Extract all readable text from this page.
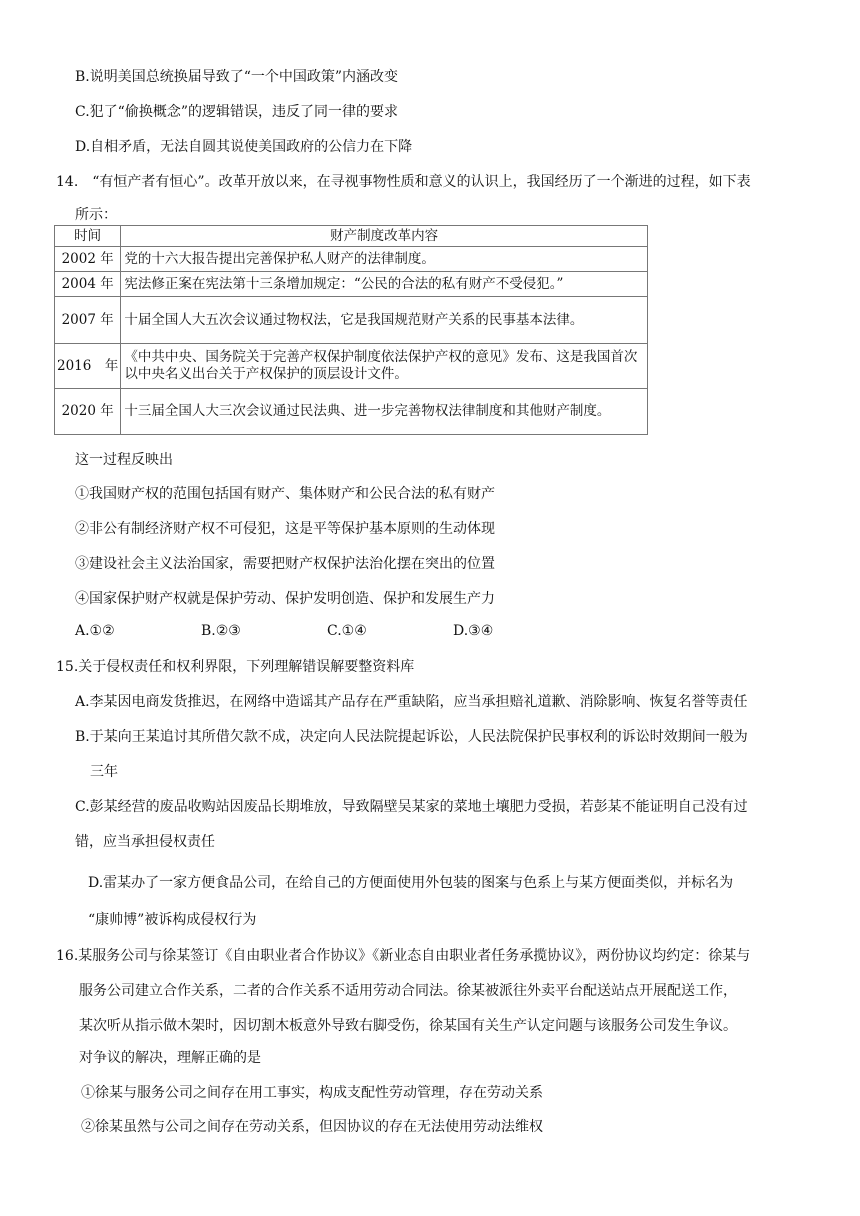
B.说明美国总统换届导致了“一个中国政策”内涵改变
C.犯了“偷换概念”的逻辑错误，违反了同一律的要求
D.自相矛盾，无法自圆其说使美国政府的公信力在下降
14.　“有恒产者有恒心”。改革开放以来，在寻视事物性质和意义的认识上，我国经历了一个渐进的过程，如下表
所示：
时间	财产制度改革内容
2002 年	党的十六大报告提出完善保护私人财产的法律制度。
2004 年	宪法修正案在宪法第十三条增加规定：“公民的合法的私有财产不受侵犯。”
2007 年	十届全国人大五次会议通过物权法，它是我国规范财产关系的民事基本法律。
2016　年	《中共中央、国务院关于完善产权保护制度依法保护产权的意见》发布、这是我国首次以中央名义出台关于产权保护的顶层设计文件。
2020 年	十三届全国人大三次会议通过民法典、进一步完善物权法律制度和其他财产制度。
这一过程反映出
①我国财产权的范围包括国有财产、集体财产和公民合法的私有财产
②非公有制经济财产权不可侵犯，这是平等保护基本原则的生动体现
③建设社会主义法治国家，需要把财产权保护法治化摆在突出的位置
④国家保护财产权就是保护劳动、保护发明创造、保护和发展生产力
A.①②	B.②③	C.①④	D.③④
15.关于侵权责任和权利界限，下列理解错误解要整资料库
A.李某因电商发货推迟，在网络中造谣其产品存在严重缺陷，应当承担赔礼道歉、消除影响、恢复名誉等责任
B.于某向王某追讨其所借欠款不成，决定向人民法院提起诉讼，人民法院保护民事权利的诉讼时效期间一般为
三年
C.彭某经营的废品收购站因废品长期堆放，导致隔壁吴某家的菜地土壤肥力受损，若彭某不能证明自己没有过
错，应当承担侵权责任
D.雷某办了一家方便食品公司，在给自己的方便面使用外包装的图案与色系上与某方便面类似，并标名为
“康帅博”被诉构成侵权行为
16.某服务公司与徐某签订《自由职业者合作协议》《新业态自由职业者任务承揽协议》，两份协议均约定：徐某与
服务公司建立合作关系，二者的合作关系不适用劳动合同法。徐某被派往外卖平台配送站点开展配送工作，
某次听从指示做木架时，因切割木板意外导致右脚受伤，徐某国有关生产认定问题与该服务公司发生争议。
对争议的解决，理解正确的是
①徐某与服务公司之间存在用工事实，构成支配性劳动管理，存在劳动关系
②徐某虽然与公司之间存在劳动关系，但因协议的存在无法使用劳动法维权
